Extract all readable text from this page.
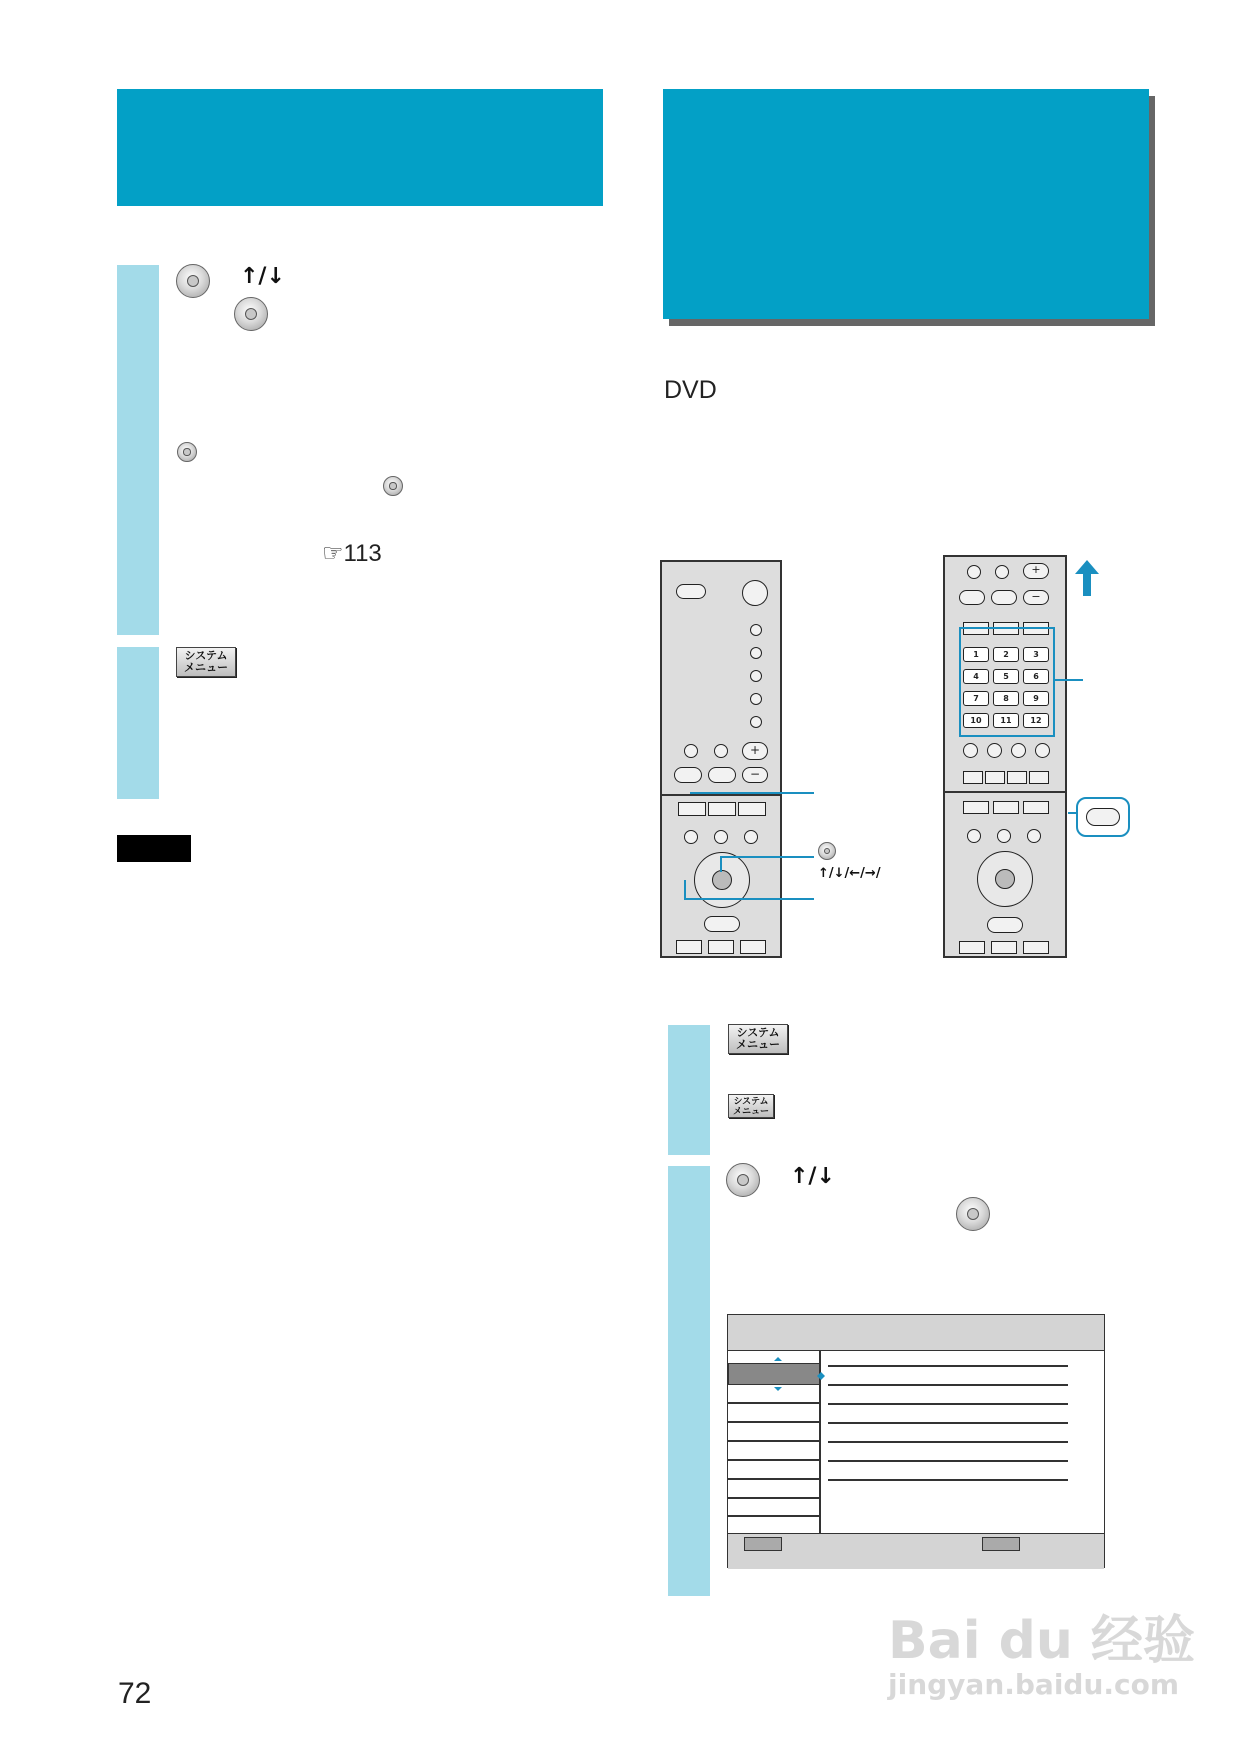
↑/↓
☞113
システム
メニュー
72
DVD
+
−
↑/↓/←/→/
+
−
1	2	3
4	5	6
7	8	9
10	11	12
システム
メニュー
システム
メニュー
↑/↓
Bai du 经验
jingyan.baidu.com
